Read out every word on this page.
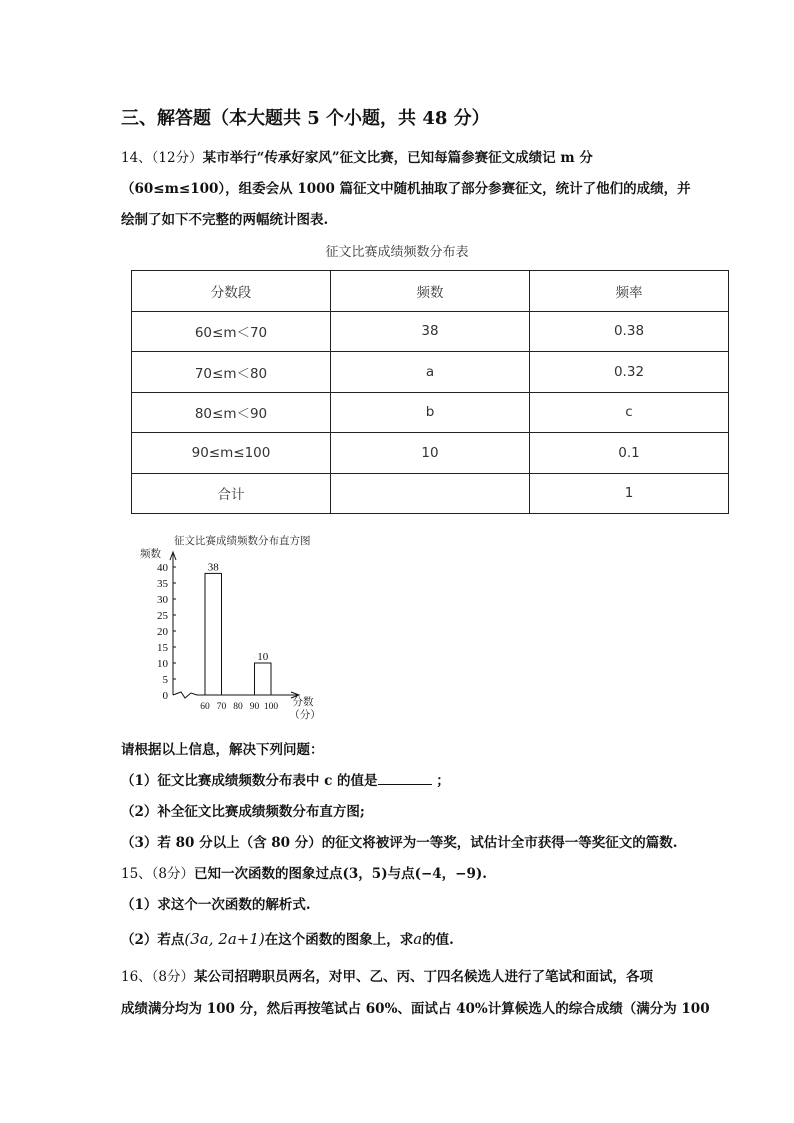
三、解答题（本大题共 5 个小题，共 48 分）
14、（12分）某市举行“传承好家风”征文比赛，已知每篇参赛征文成绩记 m 分
（60≤m≤100），组委会从 1000 篇征文中随机抽取了部分参赛征文，统计了他们的成绩，并
绘制了如下不完整的两幅统计图表.
征文比赛成绩频数分布表
分数段	频数	频率
60≤m＜70	38	0.38
70≤m＜80	a	0.32
80≤m＜90	b	c
90≤m≤100	10	0.1
合计		1
征文比赛成绩频数分布直方图
频数
0
5
10
15
20
25
30
35
40
60 70 80 90 100 分数
（分）
38
10
请根据以上信息，解决下列问题：
（1）征文比赛成绩频数分布表中 c 的值是	；
（2）补全征文比赛成绩频数分布直方图;
（3）若 80 分以上（含 80 分）的征文将被评为一等奖，试估计全市获得一等奖征文的篇数.
15、（8分）已知一次函数的图象过点(3，5)与点(−4，−9).
（1）求这个一次函数的解析式.
（2）若点(3a, 2a+1)在这个函数的图象上，求a的值.
16、（8分）某公司招聘职员两名，对甲、乙、丙、丁四名候选人进行了笔试和面试，各项
成绩满分均为 100 分，然后再按笔试占 60%、面试占 40%计算候选人的综合成绩（满分为 100
